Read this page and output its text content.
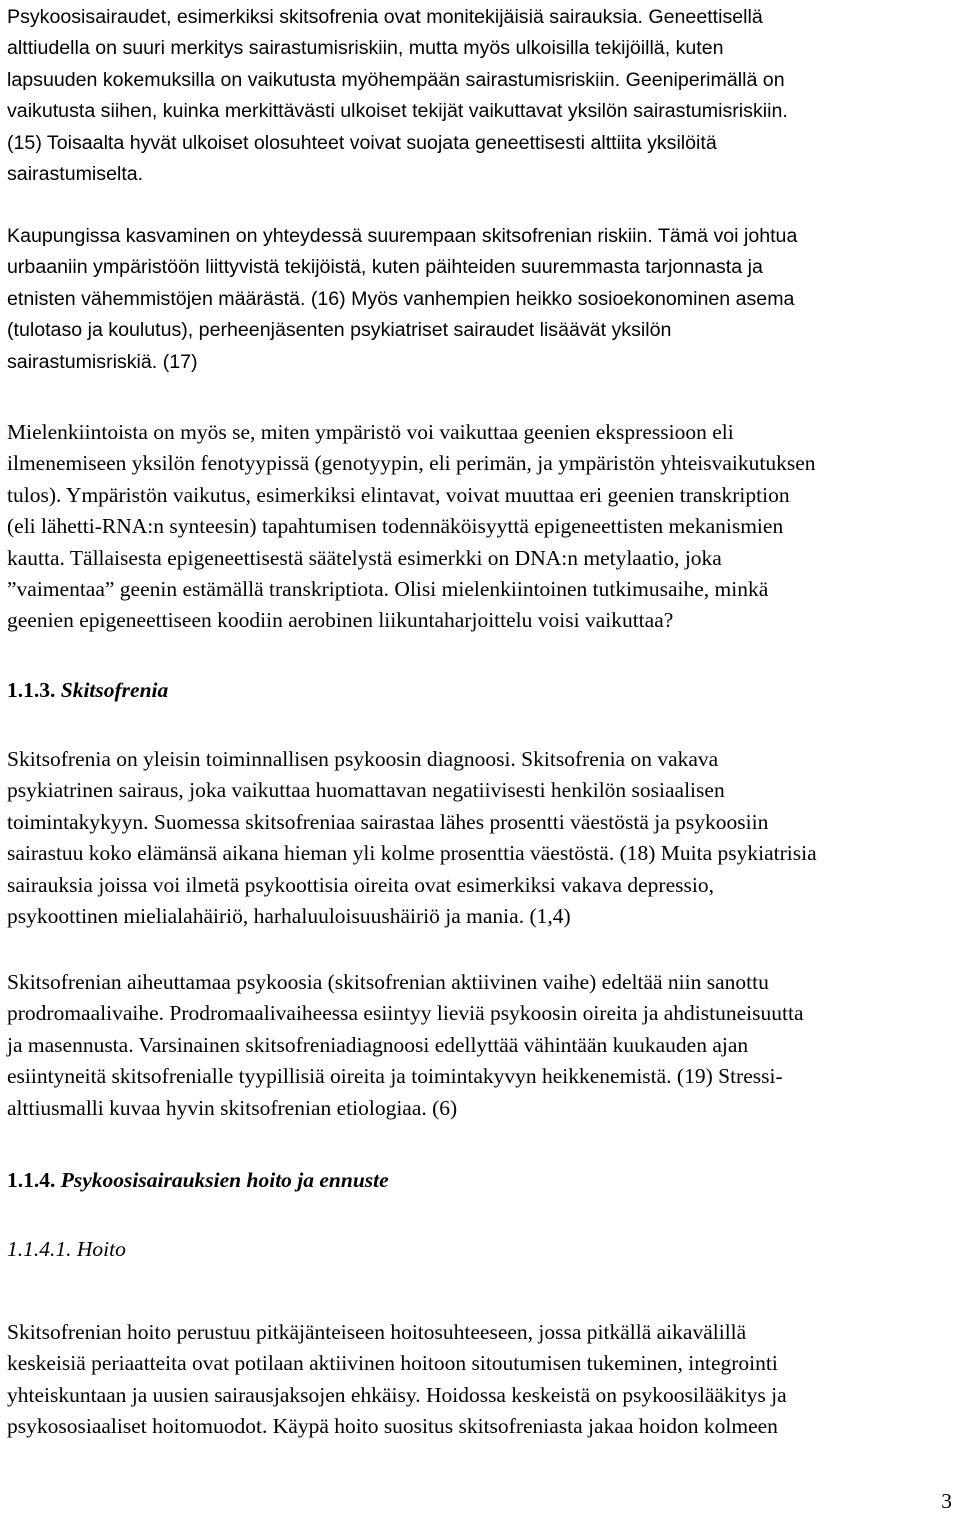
Psykoosisairaudet, esimerkiksi skitsofrenia ovat monitekijäisiä sairauksia. Geneettisellä
alttiudella on suuri merkitys sairastumisriskiin, mutta myös ulkoisilla tekijöillä, kuten
lapsuuden kokemuksilla on vaikutusta myöhempään sairastumisriskiin. Geeniperimällä on
vaikutusta siihen, kuinka merkittävästi ulkoiset tekijät vaikuttavat yksilön sairastumisriskiin.
(15) Toisaalta hyvät ulkoiset olosuhteet voivat suojata geneettisesti alttiita yksilöitä
sairastumiselta.
Kaupungissa kasvaminen on yhteydessä suurempaan skitsofrenian riskiin. Tämä voi johtua
urbaaniin ympäristöön liittyvistä tekijöistä, kuten päihteiden suuremmasta tarjonnasta ja
etnisten vähemmistöjen määrästä. (16) Myös vanhempien heikko sosioekonominen asema
(tulotaso ja koulutus), perheenjäsenten psykiatriset sairaudet lisäävät yksilön
sairastumisriskiä. (17)
Mielenkiintoista on myös se, miten ympäristö voi vaikuttaa geenien ekspressioon eli
ilmenemiseen yksilön fenotyypissä (genotyypin, eli perimän, ja ympäristön yhteisvaikutuksen
tulos). Ympäristön vaikutus, esimerkiksi elintavat, voivat muuttaa eri geenien transkription
(eli lähetti-RNA:n synteesin) tapahtumisen todennäköisyyttä epigeneettisten mekanismien
kautta. Tällaisesta epigeneettisestä säätelystä esimerkki on DNA:n metylaatio, joka
”vaimentaa” geenin estämällä transkriptiota. Olisi mielenkiintoinen tutkimusaihe, minkä
geenien epigeneettiseen koodiin aerobinen liikuntaharjoittelu voisi vaikuttaa?
1.1.3. Skitsofrenia
Skitsofrenia on yleisin toiminnallisen psykoosin diagnoosi. Skitsofrenia on vakava
psykiatrinen sairaus, joka vaikuttaa huomattavan negatiivisesti henkilön sosiaalisen
toimintakykyyn. Suomessa skitsofreniaa sairastaa lähes prosentti väestöstä ja psykoosiin
sairastuu koko elämänsä aikana hieman yli kolme prosenttia väestöstä. (18) Muita psykiatrisia
sairauksia joissa voi ilmetä psykoottisia oireita ovat esimerkiksi vakava depressio,
psykoottinen mielialahäiriö, harhaluuloisuushäiriö ja mania. (1,4)
Skitsofrenian aiheuttamaa psykoosia (skitsofrenian aktiivinen vaihe) edeltää niin sanottu
prodromaalivaihe. Prodromaalivaiheessa esiintyy lieviä psykoosin oireita ja ahdistuneisuutta
ja masennusta. Varsinainen skitsofreniadiagnoosi edellyttää vähintään kuukauden ajan
esiintyneitä skitsofrenialle tyypillisiä oireita ja toimintakyvyn heikkenemistä. (19) Stressi-
alttiusmalli kuvaa hyvin skitsofrenian etiologiaa. (6)
1.1.4. Psykoosisairauksien hoito ja ennuste
1.1.4.1. Hoito
Skitsofrenian hoito perustuu pitkäjänteiseen hoitosuhteeseen, jossa pitkällä aikavälillä
keskeisiä periaatteita ovat potilaan aktiivinen hoitoon sitoutumisen tukeminen, integrointi
yhteiskuntaan ja uusien sairausjaksojen ehkäisy. Hoidossa keskeistä on psykoosilääkitys ja
psykososiaaliset hoitomuodot. Käypä hoito suositus skitsofreniasta jakaa hoidon kolmeen
3
